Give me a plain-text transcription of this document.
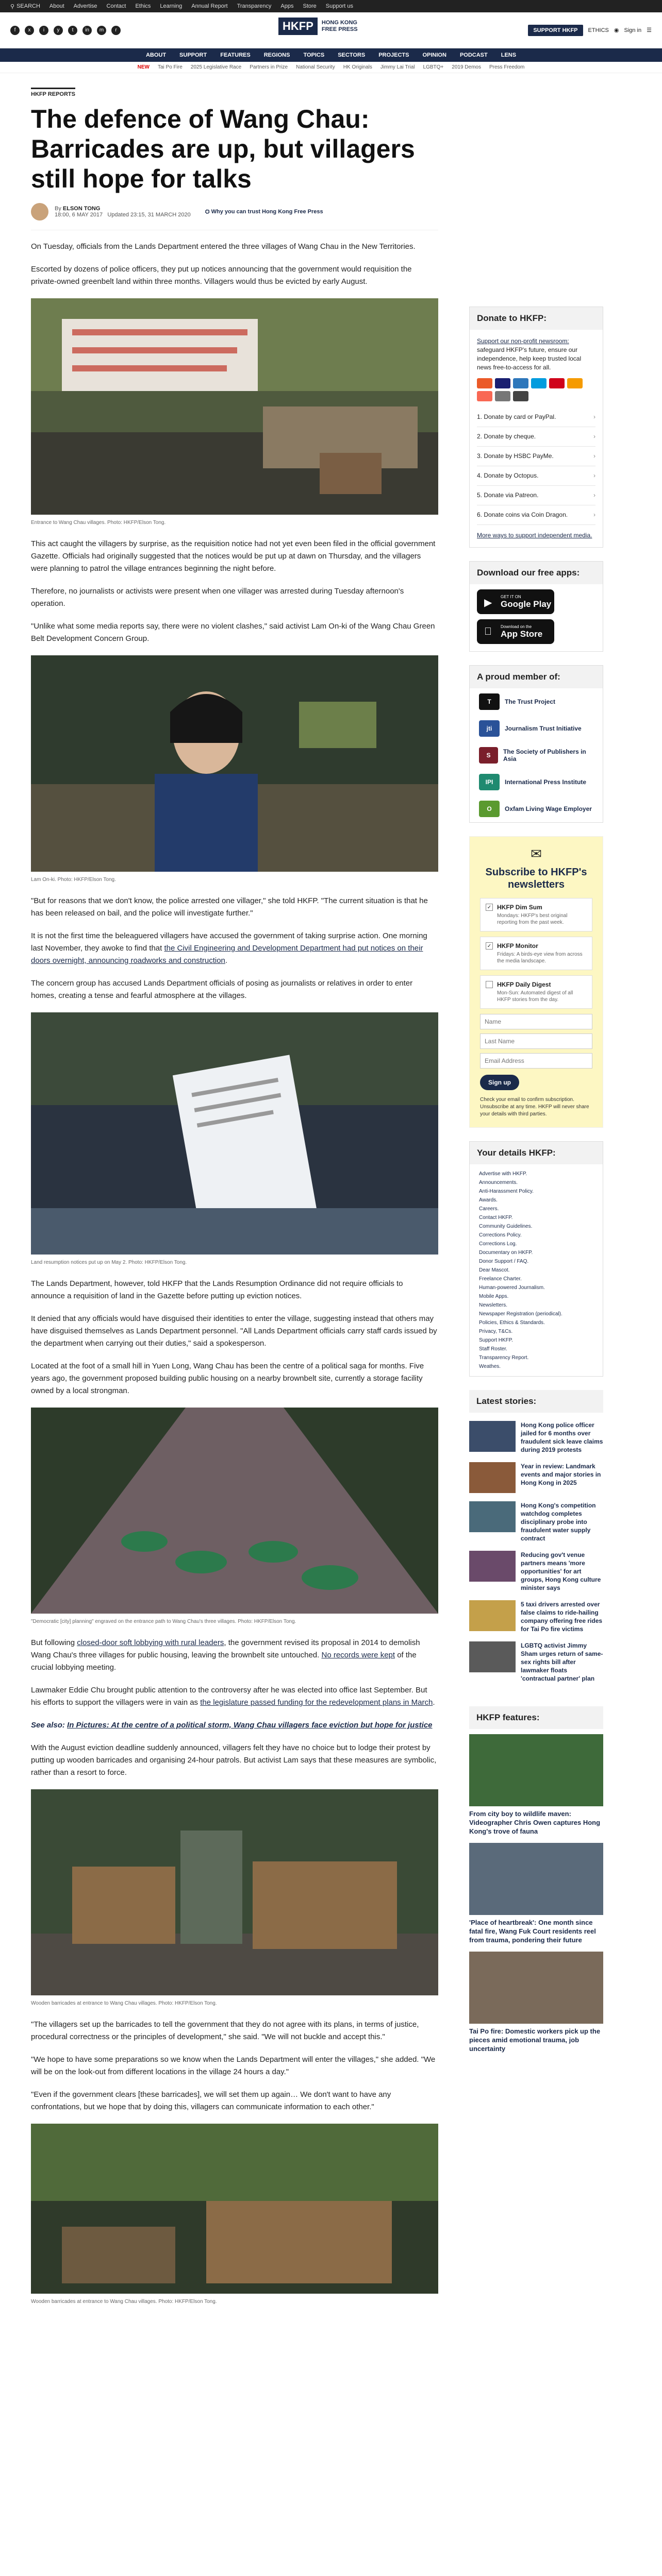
⚲ SEARCH About Advertise Contact Ethics Learning Annual Report Transparency Apps Store Support us
f	x	i	y	t	in	m	r	HKFP	HONG KONG
FREE PRESS	SUPPORT HKFP	ETHICS ◉ Sign in ☰
ABOUT SUPPORT FEATURES REGIONS TOPICS SECTORS PROJECTS OPINION PODCAST LENS
NEW Tai Po Fire 2025 Legislative Race Partners in Prize National Security HK Originals Jimmy Lai Trial LGBTQ+ 2019 Demos Press Freedom
HKFP REPORTS
The defence of Wang Chau: Barricades are up, but villagers still hope for talks
By ELSON TONG
18:00, 6 MAY 2017 Updated 23:15, 31 MARCH 2020
⛭ Why you can trust Hong Kong Free Press

On Tuesday, officials from the Lands Department entered the three villages of Wang Chau in the New Territories.

Escorted by dozens of police officers, they put up notices announcing that the government would requisition the private-owned greenbelt land within three months. Villagers would thus be evicted by early August.

Entrance to Wang Chau villages. Photo: HKFP/Elson Tong.

This act caught the villagers by surprise, as the requisition notice had not yet even been filed in the official government Gazette. Officials had originally suggested that the notices would be put up at dawn on Thursday, and the villagers were planning to patrol the village entrances beginning the night before.

Therefore, no journalists or activists were present when one villager was arrested during Tuesday afternoon's operation.

"Unlike what some media reports say, there were no violent clashes," said activist Lam On-ki of the Wang Chau Green Belt Development Concern Group.

Lam On-ki. Photo: HKFP/Elson Tong.

"But for reasons that we don't know, the police arrested one villager," she told HKFP. "The current situation is that he has been released on bail, and the police will investigate further."

It is not the first time the beleaguered villagers have accused the government of taking surprise action. One morning last November, they awoke to find that the Civil Engineering and Development Department had put notices on their doors overnight, announcing roadworks and construction.

The concern group has accused Lands Department officials of posing as journalists or relatives in order to enter homes, creating a tense and fearful atmosphere at the villages.

Land resumption notices put up on May 2. Photo: HKFP/Elson Tong.

The Lands Department, however, told HKFP that the Lands Resumption Ordinance did not require officials to announce a requisition of land in the Gazette before putting up eviction notices.

It denied that any officials would have disguised their identities to enter the village, suggesting instead that others may have disguised themselves as Lands Department personnel. "All Lands Department officials carry staff cards issued by the department when carrying out their duties," said a spokesperson.

Located at the foot of a small hill in Yuen Long, Wang Chau has been the centre of a political saga for months. Five years ago, the government proposed building public housing on a nearby brownbelt site, currently a storage facility owned by a local strongman.

"Democratic [city] planning" engraved on the entrance path to Wang Chau's three villages. Photo: HKFP/Elson Tong.

But following closed-door soft lobbying with rural leaders, the government revised its proposal in 2014 to demolish Wang Chau's three villages for public housing, leaving the brownbelt site untouched. No records were kept of the crucial lobbying meeting.

Lawmaker Eddie Chu brought public attention to the controversy after he was elected into office last September. But his efforts to support the villagers were in vain as the legislature passed funding for the redevelopment plans in March.

See also: In Pictures: At the centre of a political storm, Wang Chau villagers face eviction but hope for justice

With the August eviction deadline suddenly announced, villagers felt they have no choice but to lodge their protest by putting up wooden barricades and organising 24-hour patrols. But activist Lam says that these measures are symbolic, rather than a resort to force.

Wooden barricades at entrance to Wang Chau villages. Photo: HKFP/Elson Tong.

"The villagers set up the barricades to tell the government that they do not agree with its plans, in terms of justice, procedural correctness or the principles of development," she said. "We will not buckle and accept this."

"We hope to have some preparations so we know when the Lands Department will enter the villages," she added. "We will be on the look-out from different locations in the village 24 hours a day."

"Even if the government clears [these barricades], we will set them up again… We don't want to have any confrontations, but we hope that by doing this, villagers can communicate information to each other."

Wooden barricades at entrance to Wang Chau villages. Photo: HKFP/Elson Tong.
Donate to HKFP:

Support our non-profit newsroom: safeguard HKFP's future, ensure our independence, help keep trusted local news free-to-access for all.

1. Donate by card or PayPal.	›
2. Donate by cheque.	›
3. Donate by HSBC PayMe.	›
4. Donate by Octopus.	›
5. Donate via Patreon.	›
6. Donate coins via Coin Dragon.	›

More ways to support independent media.

Download our free apps:
▶
GET IT ON
Google Play
Download on the
App Store
A proud member of:
T	The Trust Project
jti	Journalism Trust Initiative
S	The Society of Publishers in Asia
IPI	International Press Institute
O	Oxfam Living Wage Employer
✉
Subscribe to HKFP's newsletters
✓ HKFP Dim Sum
Mondays: HKFP's best original reporting from the past week.
✓ HKFP Monitor
Fridays: A birds-eye view from across the media landscape.
HKFP Daily Digest
Mon-Sun: Automated digest of all HKFP stories from the day.
Name Last Name Email Address Sign up

Check your email to confirm subscription. Unsubscribe at any time. HKFP will never share your details with third parties.

Your details HKFP:
Advertise with HKFP.
Announcements.
Anti-Harassment Policy.
Awards.
Careers.
Contact HKFP.
Community Guidelines.
Corrections Policy.
Corrections Log.
Documentary on HKFP.
Donor Support / FAQ.
Dear Mascot.
Freelance Charter.
Human-powered Journalism.
Mobile Apps.
Newsletters.
Newspaper Registration (periodical).
Policies, Ethics & Standards.
Privacy, T&Cs.
Support HKFP.
Staff Roster.
Transparency Report.
Weathes.
Latest stories:
Hong Kong police officer jailed for 6 months over fraudulent sick leave claims during 2019 protests
Year in review: Landmark events and major stories in Hong Kong in 2025
Hong Kong's competition watchdog completes disciplinary probe into fraudulent water supply contract
Reducing gov't venue partners means 'more opportunities' for art groups, Hong Kong culture minister says
5 taxi drivers arrested over false claims to ride-hailing company offering free rides for Tai Po fire victims
LGBTQ activist Jimmy Sham urges return of same-sex rights bill after lawmaker floats 'contractual partner' plan
HKFP features:
From city boy to wildlife maven: Videographer Chris Owen captures Hong Kong's trove of fauna
'Place of heartbreak': One month since fatal fire, Wang Fuk Court residents reel from trauma, pondering their future
Tai Po fire: Domestic workers pick up the pieces amid emotional trauma, job uncertainty
